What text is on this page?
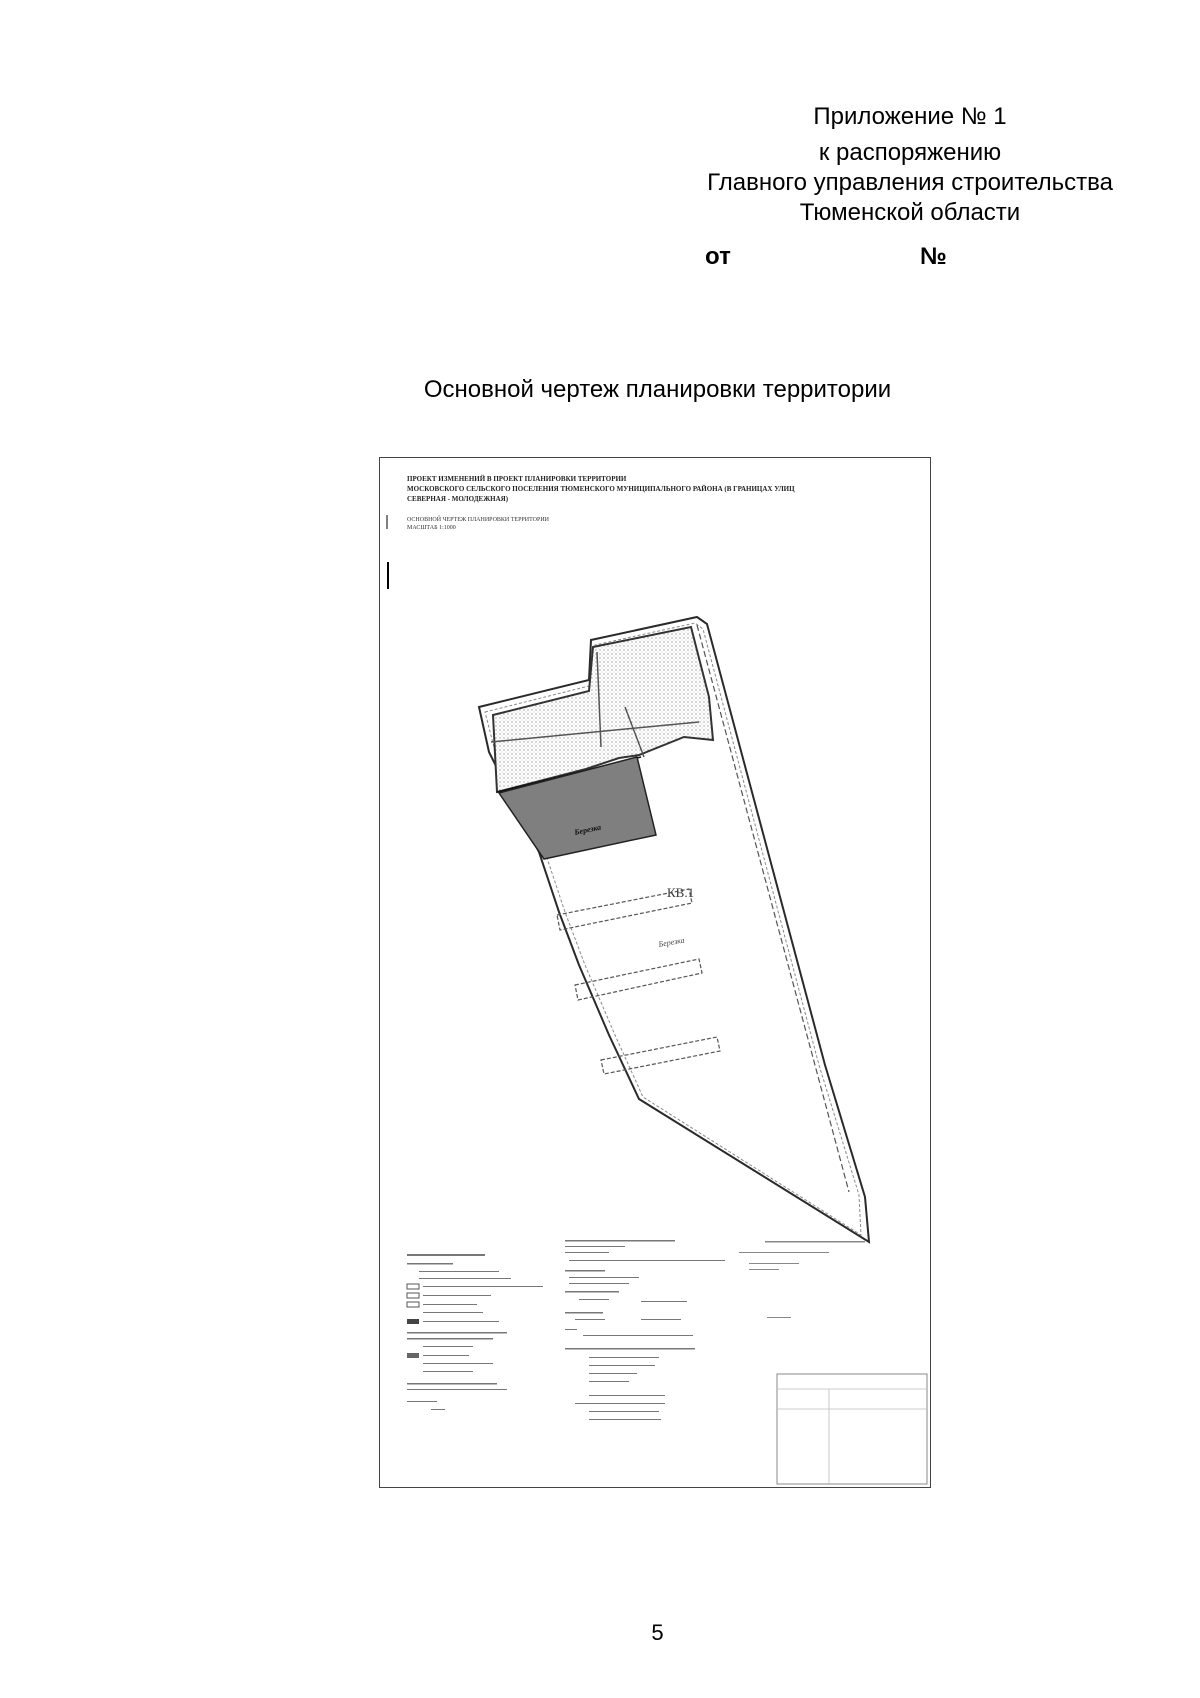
Приложение № 1
к распоряжению
Главного управления строительства
Тюменской области
от	№
Основной чертеж планировки территории
ПРОЕКТ ИЗМЕНЕНИЙ В ПРОЕКТ ПЛАНИРОВКИ ТЕРРИТОРИИ
МОСКОВСКОГО СЕЛЬСКОГО ПОСЕЛЕНИЯ ТЮМЕНСКОГО МУНИЦИПАЛЬНОГО РАЙОНА (В ГРАНИЦАХ УЛИЦ
СЕВЕРНАЯ - МОЛОДЕЖНАЯ)
ОСНОВНОЙ ЧЕРТЕЖ ПЛАНИРОВКИ ТЕРРИТОРИИ
МАСШТАБ 1:1000
Березка
КВ.1
Березка
5
